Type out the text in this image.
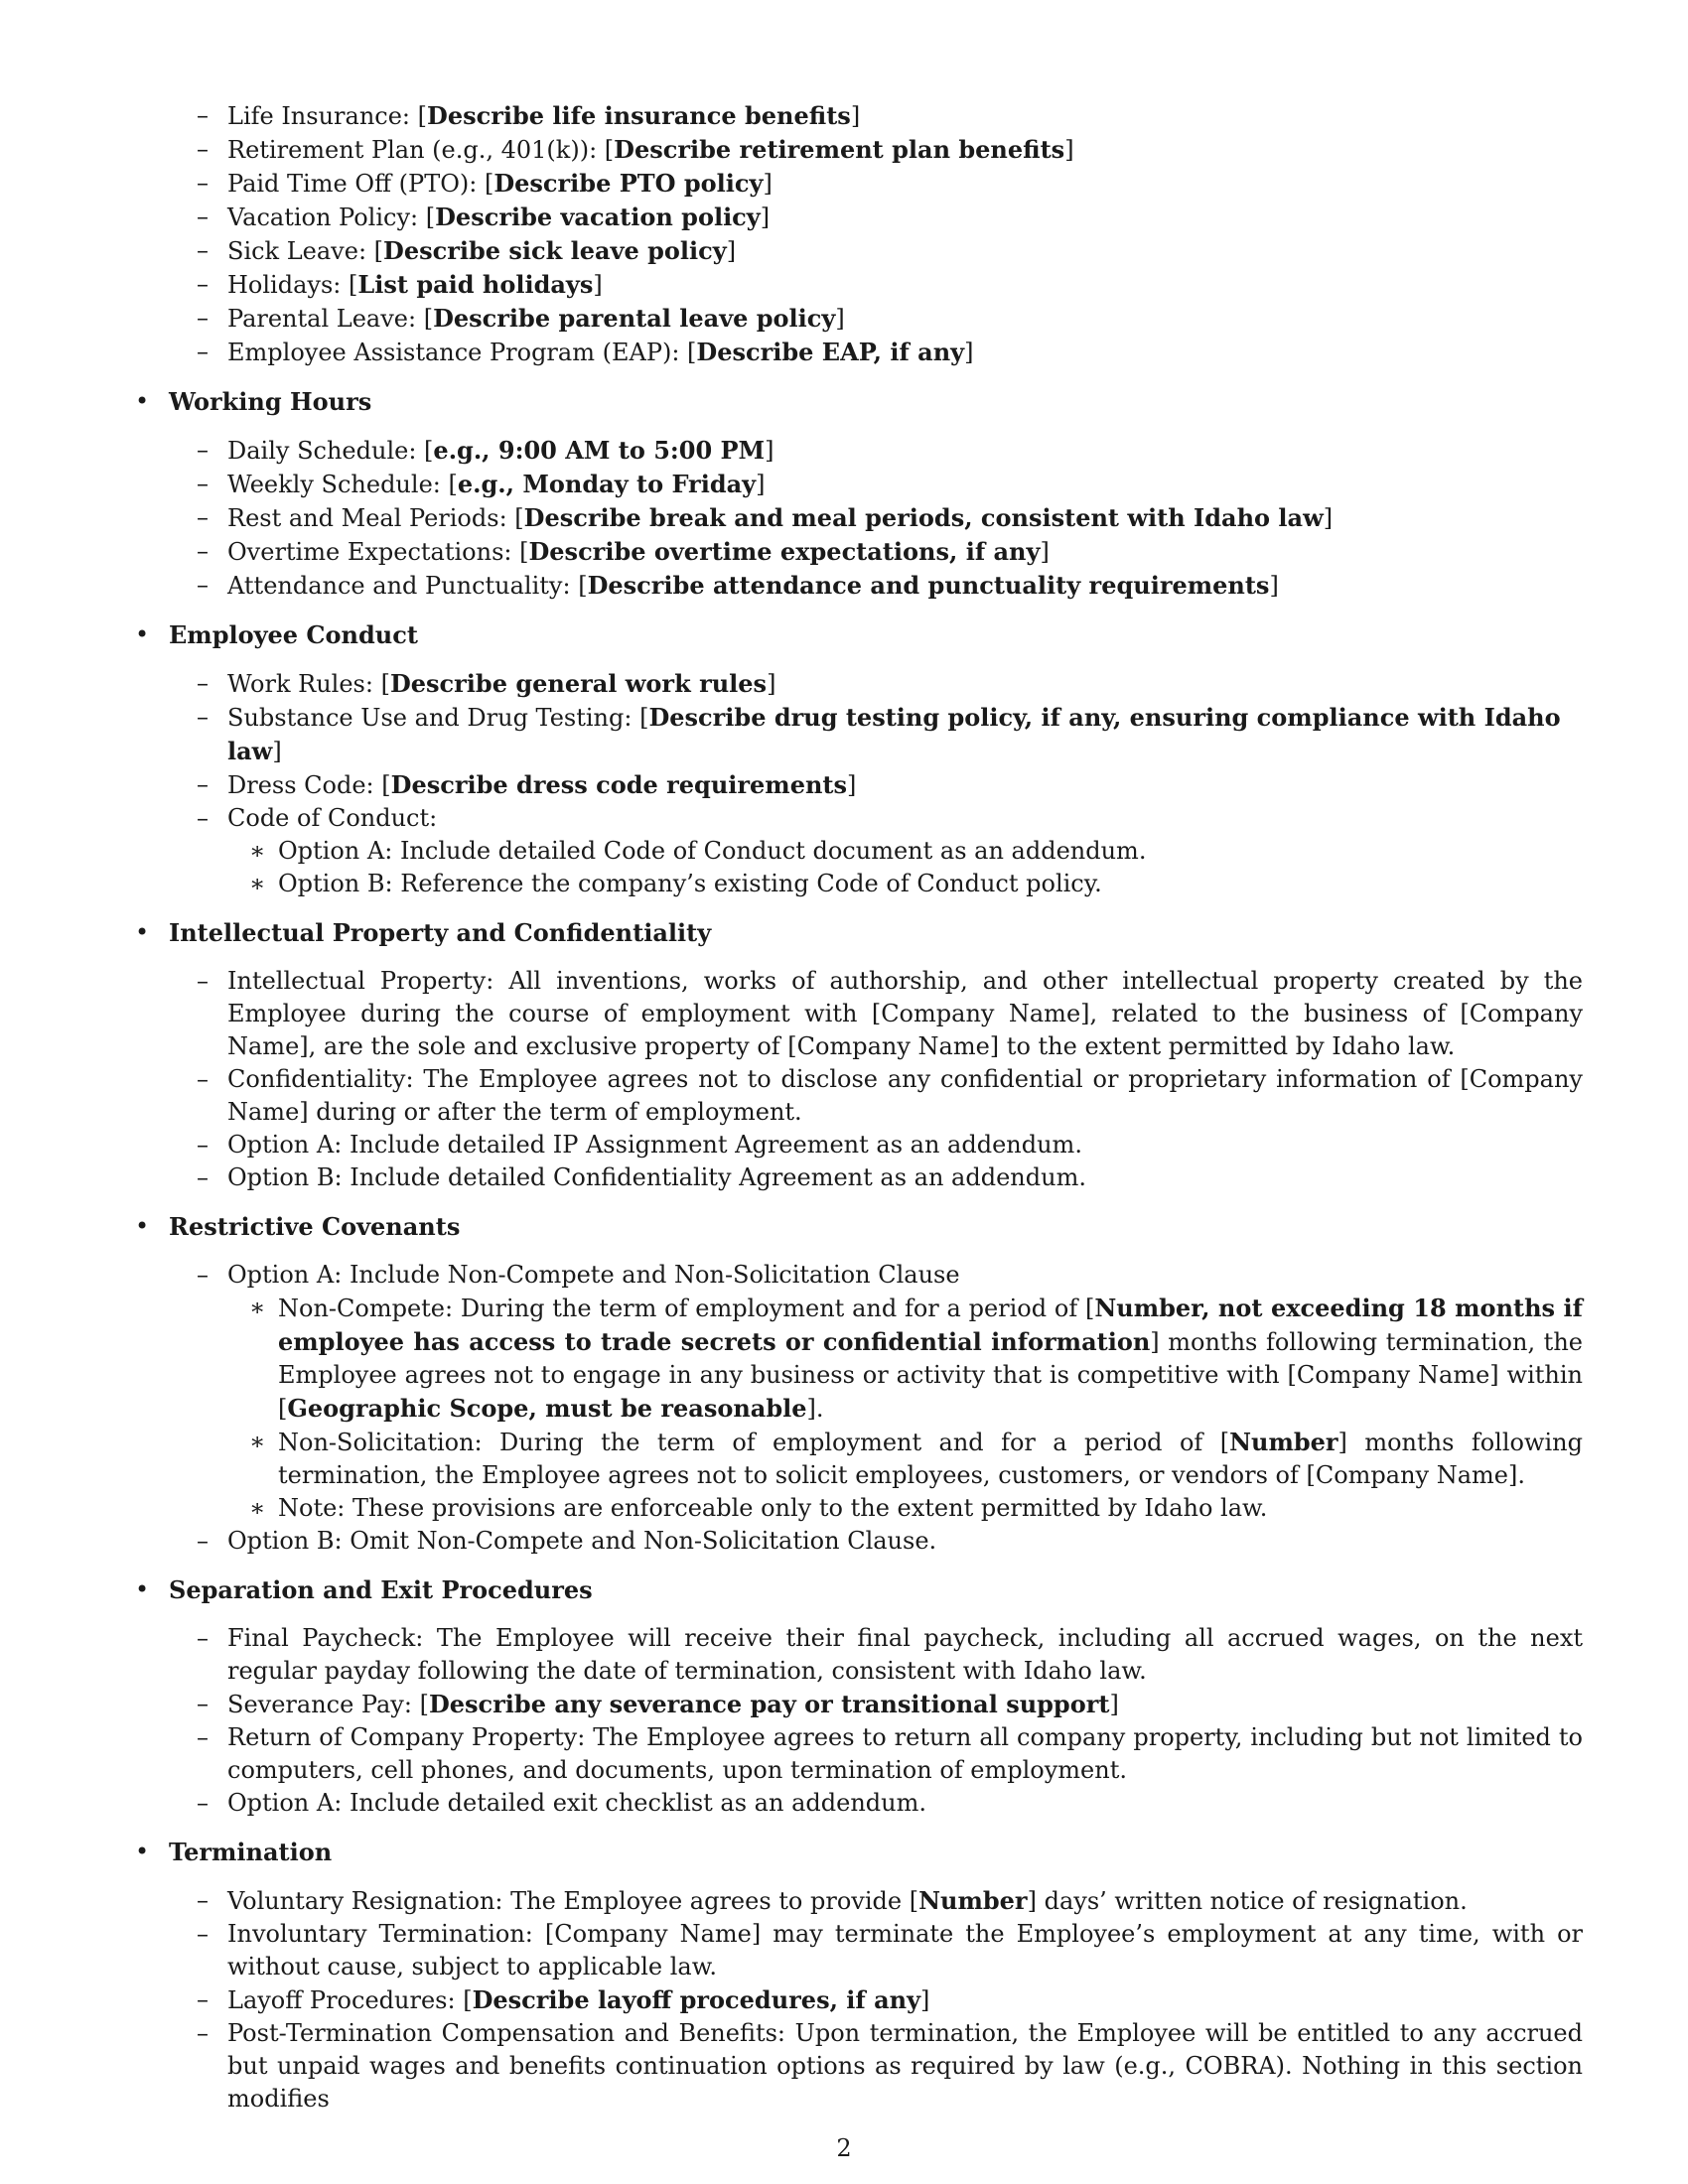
– Life Insurance: [Describe life insurance benefits]
– Retirement Plan (e.g., 401(k)): [Describe retirement plan benefits]
– Paid Time Off (PTO): [Describe PTO policy]
– Vacation Policy: [Describe vacation policy]
– Sick Leave: [Describe sick leave policy]
– Holidays: [List paid holidays]
– Parental Leave: [Describe parental leave policy]
– Employee Assistance Program (EAP): [Describe EAP, if any]
• Working Hours
– Daily Schedule: [e.g., 9:00 AM to 5:00 PM]
– Weekly Schedule: [e.g., Monday to Friday]
– Rest and Meal Periods: [Describe break and meal periods, consistent with Idaho law]
– Overtime Expectations: [Describe overtime expectations, if any]
– Attendance and Punctuality: [Describe attendance and punctuality requirements]
• Employee Conduct
– Work Rules: [Describe general work rules]
– Substance Use and Drug Testing: [Describe drug testing policy, if any, ensuring compliance with Idaho law]
– Dress Code: [Describe dress code requirements]
– Code of Conduct:
∗ Option A: Include detailed Code of Conduct document as an addendum.
∗ Option B: Reference the company’s existing Code of Conduct policy.
• Intellectual Property and Confidentiality
– Intellectual Property: All inventions, works of authorship, and other intellectual property created by the Employee during the course of employment with [Company Name], related to the business of [Company Name], are the sole and exclusive property of [Company Name] to the extent permitted by Idaho law.
– Confidentiality: The Employee agrees not to disclose any confidential or proprietary information of [Company Name] during or after the term of employment.
– Option A: Include detailed IP Assignment Agreement as an addendum.
– Option B: Include detailed Confidentiality Agreement as an addendum.
• Restrictive Covenants
– Option A: Include Non-Compete and Non-Solicitation Clause
∗ Non-Compete: During the term of employment and for a period of [Number, not exceeding 18 months if employee has access to trade secrets or confidential information] months following termination, the Employee agrees not to engage in any business or activity that is competitive with [Company Name] within [Geographic Scope, must be reasonable].
∗ Non-Solicitation: During the term of employment and for a period of [Number] months following termination, the Employee agrees not to solicit employees, customers, or vendors of [Company Name].
∗ Note: These provisions are enforceable only to the extent permitted by Idaho law.
– Option B: Omit Non-Compete and Non-Solicitation Clause.
• Separation and Exit Procedures
– Final Paycheck: The Employee will receive their final paycheck, including all accrued wages, on the next regular payday following the date of termination, consistent with Idaho law.
– Severance Pay: [Describe any severance pay or transitional support]
– Return of Company Property: The Employee agrees to return all company property, including but not limited to computers, cell phones, and documents, upon termination of employment.
– Option A: Include detailed exit checklist as an addendum.
• Termination
– Voluntary Resignation: The Employee agrees to provide [Number] days’ written notice of resignation.
– Involuntary Termination: [Company Name] may terminate the Employee’s employment at any time, with or without cause, subject to applicable law.
– Layoff Procedures: [Describe layoff procedures, if any]
– Post-Termination Compensation and Benefits: Upon termination, the Employee will be entitled to any accrued but unpaid wages and benefits continuation options as required by law (e.g., COBRA). Nothing in this section modifies
2
